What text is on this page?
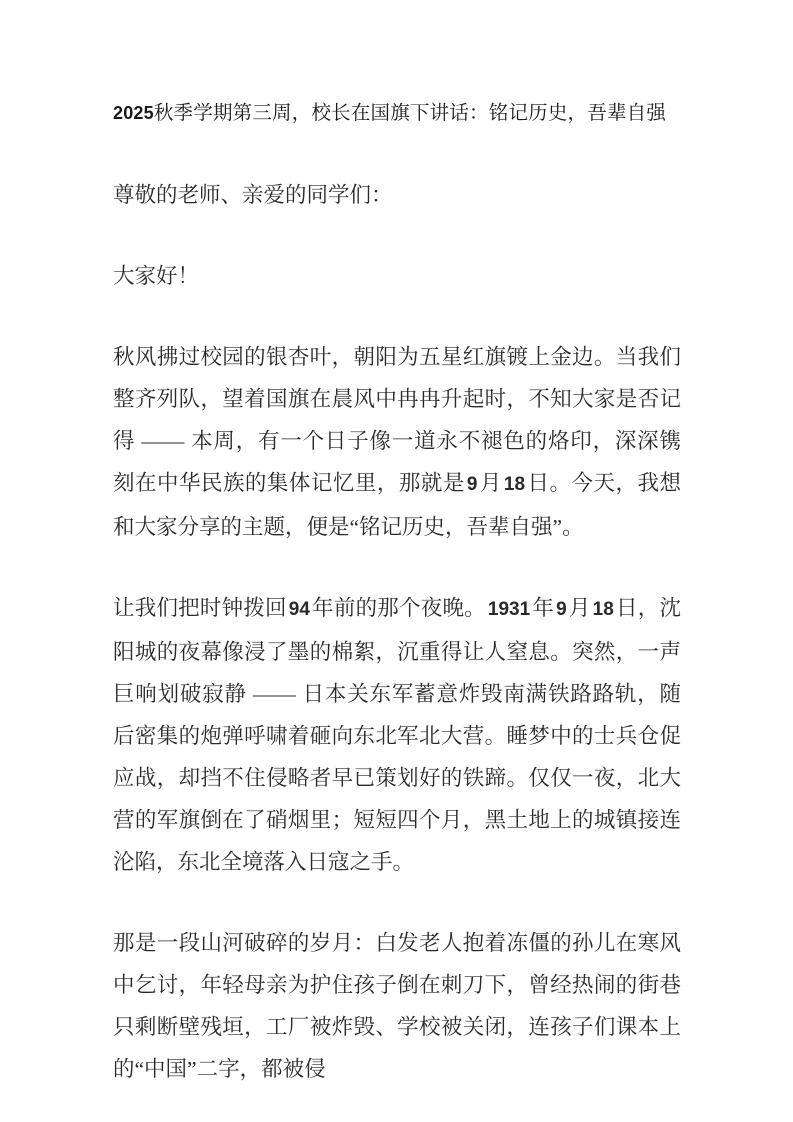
2025秋季学期第三周，校长在国旗下讲话：铭记历史，吾辈自强
尊敬的老师、亲爱的同学们：
大家好！
秋风拂过校园的银杏叶，朝阳为五星红旗镀上金边。当我们整齐列队，望着国旗在晨风中冉冉升起时，不知大家是否记得 —— 本周，有一个日子像一道永不褪色的烙印，深深镌刻在中华民族的集体记忆里，那就是 9月 18日。今天，我想和大家分享的主题，便是“铭记历史，吾辈自强”。
让我们把时钟拨回 94年前的那个夜晚。 1931年 9月 18日，沈阳城的夜幕像浸了墨的棉絮，沉重得让人窒息。突然，一声巨响划破寂静 —— 日本关东军蓄意炸毁南满铁路路轨，随后密集的炮弹呼啸着砸向东北军北大营。睡梦中的士兵仓促应战，却挡不住侵略者早已策划好的铁蹄。仅仅一夜，北大营的军旗倒在了硝烟里；短短四个月，黑土地上的城镇接连沦陷，东北全境落入日寇之手。
那是一段山河破碎的岁月：白发老人抱着冻僵的孙儿在寒风中乞讨，年轻母亲为护住孩子倒在刺刀下，曾经热闹的街巷只剩断壁残垣，工厂被炸毁、学校被关闭，连孩子们课本上的“中国”二字，都被侵
